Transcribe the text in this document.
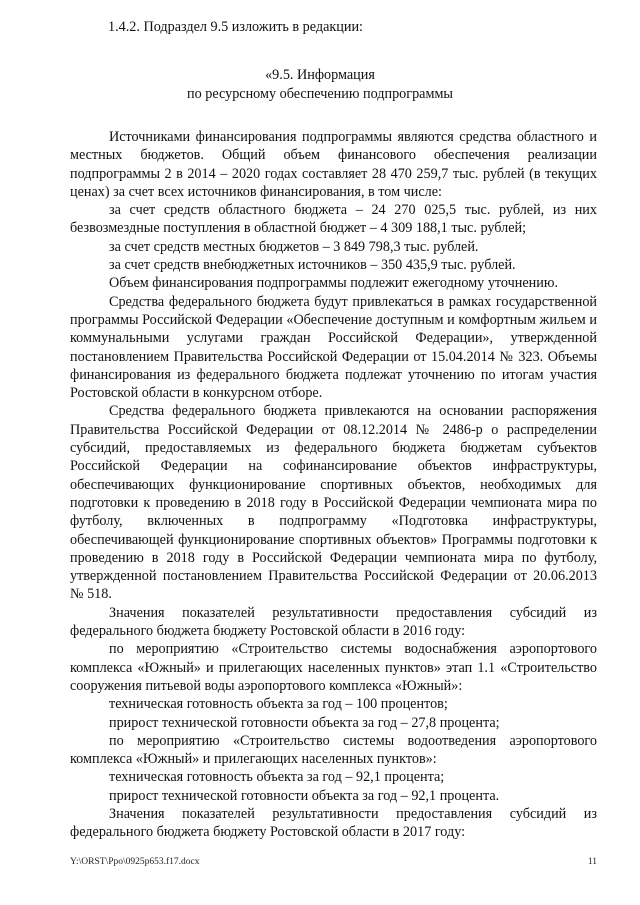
1.4.2. Подраздел 9.5 изложить в редакции:

«9.5. Информация
по ресурсному обеспечению подпрограммы

Источниками финансирования подпрограммы являются средства областного и местных бюджетов. Общий объем финансового обеспечения реализации подпрограммы 2 в 2014 – 2020 годах составляет 28 470 259,7 тыс. рублей (в текущих ценах) за счет всех источников финансирования, в том числе:

за счет средств областного бюджета – 24 270 025,5 тыс. рублей, из них безвозмездные поступления в областной бюджет – 4 309 188,1 тыс. рублей;

за счет средств местных бюджетов – 3 849 798,3 тыс. рублей.

за счет средств внебюджетных источников – 350 435,9 тыс. рублей.

Объем финансирования подпрограммы подлежит ежегодному уточнению.

Средства федерального бюджета будут привлекаться в рамках государственной программы Российской Федерации «Обеспечение доступным и комфортным жильем и коммунальными услугами граждан Российской Федерации», утвержденной постановлением Правительства Российской Федерации от 15.04.2014 № 323. Объемы финансирования из федерального бюджета подлежат уточнению по итогам участия Ростовской области в конкурсном отборе.

Средства федерального бюджета привлекаются на основании распоряжения Правительства Российской Федерации от 08.12.2014 № 2486-р о распределении субсидий, предоставляемых из федерального бюджета бюджетам субъектов Российской Федерации на софинансирование объектов инфраструктуры, обеспечивающих функционирование спортивных объектов, необходимых для подготовки к проведению в 2018 году в Российской Федерации чемпионата мира по футболу, включенных в подпрограмму «Подготовка инфраструктуры, обеспечивающей функционирование спортивных объектов» Программы подготовки к проведению в 2018 году в Российской Федерации чемпионата мира по футболу, утвержденной постановлением Правительства Российской Федерации от 20.06.2013 № 518.

Значения показателей результативности предоставления субсидий из федерального бюджета бюджету Ростовской области в 2016 году:

по мероприятию «Строительство системы водоснабжения аэропортового комплекса «Южный» и прилегающих населенных пунктов» этап 1.1 «Строительство сооружения питьевой воды аэропортового комплекса «Южный»:

техническая готовность объекта за год – 100 процентов;

прирост технической готовности объекта за год – 27,8 процента;

по мероприятию «Строительство системы водоотведения аэропортового комплекса «Южный» и прилегающих населенных пунктов»:

техническая готовность объекта за год – 92,1 процента;

прирост технической готовности объекта за год – 92,1 процента.

Значения показателей результативности предоставления субсидий из федерального бюджета бюджету Ростовской области в 2017 году:

Y:\ORST\Ppo\0925p653.f17.docx	11
